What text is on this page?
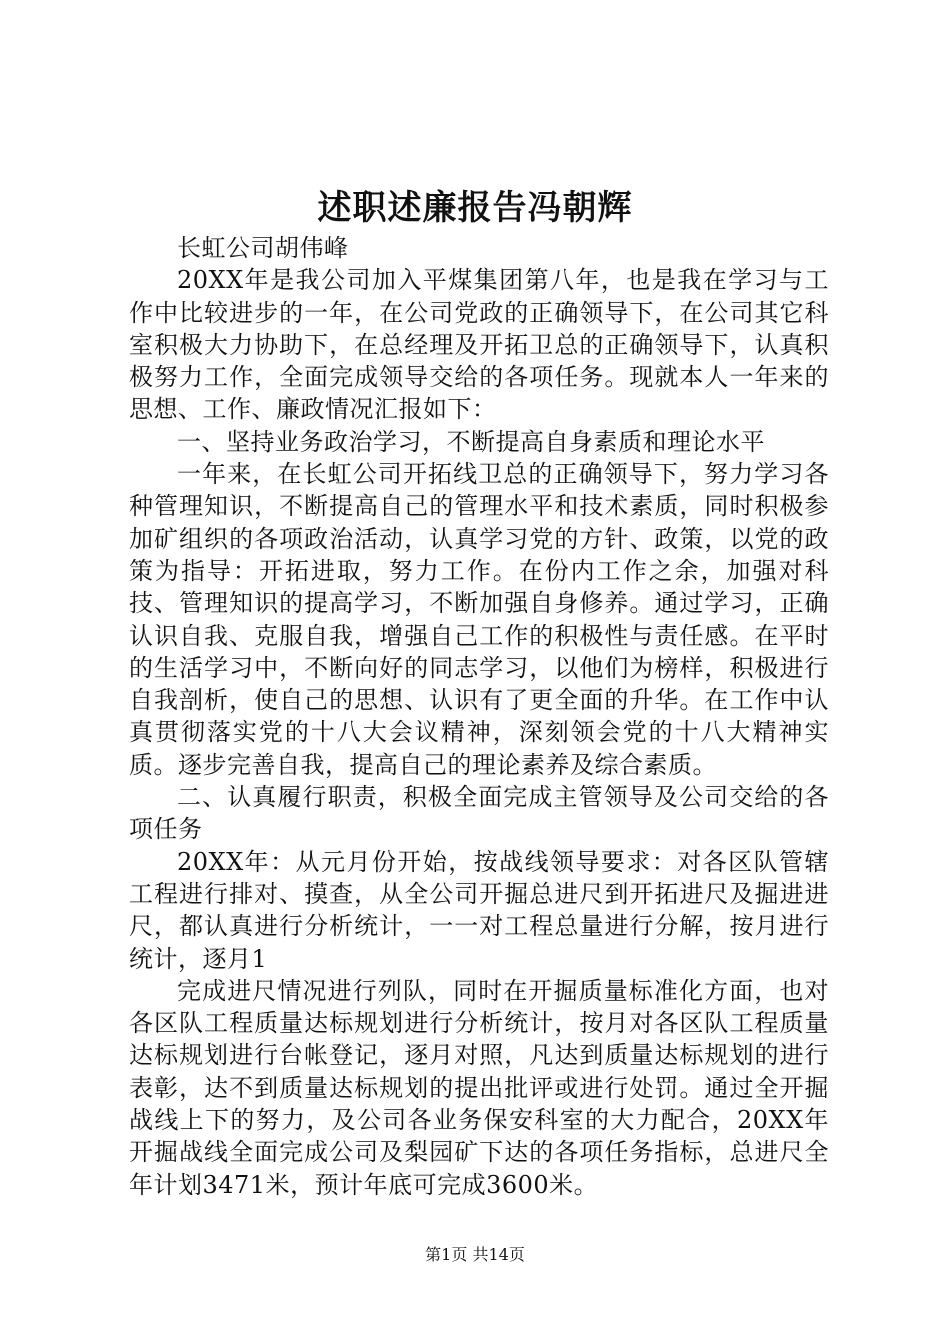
述职述廉报告冯朝辉

长虹公司胡伟峰

20XX年是我公司加入平煤集团第八年，也是我在学习与工作中比较进步的一年，在公司党政的正确领导下，在公司其它科室积极大力协助下，在总经理及开拓卫总的正确领导下，认真积极努力工作，全面完成领导交给的各项任务。现就本人一年来的思想、工作、廉政情况汇报如下：

一、坚持业务政治学习，不断提高自身素质和理论水平

一年来，在长虹公司开拓线卫总的正确领导下，努力学习各种管理知识，不断提高自己的管理水平和技术素质，同时积极参加矿组织的各项政治活动，认真学习党的方针、政策，以党的政策为指导：开拓进取，努力工作。在份内工作之余，加强对科技、管理知识的提高学习，不断加强自身修养。通过学习，正确认识自我、克服自我，增强自己工作的积极性与责任感。在平时的生活学习中，不断向好的同志学习，以他们为榜样，积极进行自我剖析，使自己的思想、认识有了更全面的升华。在工作中认真贯彻落实党的十八大会议精神，深刻领会党的十八大精神实质。逐步完善自我，提高自己的理论素养及综合素质。

二、认真履行职责，积极全面完成主管领导及公司交给的各项任务

20XX年：从元月份开始，按战线领导要求：对各区队管辖工程进行排对、摸查，从全公司开掘总进尺到开拓进尺及掘进进尺，都认真进行分析统计，一一对工程总量进行分解，按月进行统计，逐月1

完成进尺情况进行列队，同时在开掘质量标准化方面，也对各区队工程质量达标规划进行分析统计，按月对各区队工程质量达标规划进行台帐登记，逐月对照，凡达到质量达标规划的进行表彰，达不到质量达标规划的提出批评或进行处罚。通过全开掘战线上下的努力，及公司各业务保安科室的大力配合，20XX年开掘战线全面完成公司及梨园矿下达的各项任务指标，总进尺全年计划3471米，预计年底可完成3600米。

第1页 共14页
